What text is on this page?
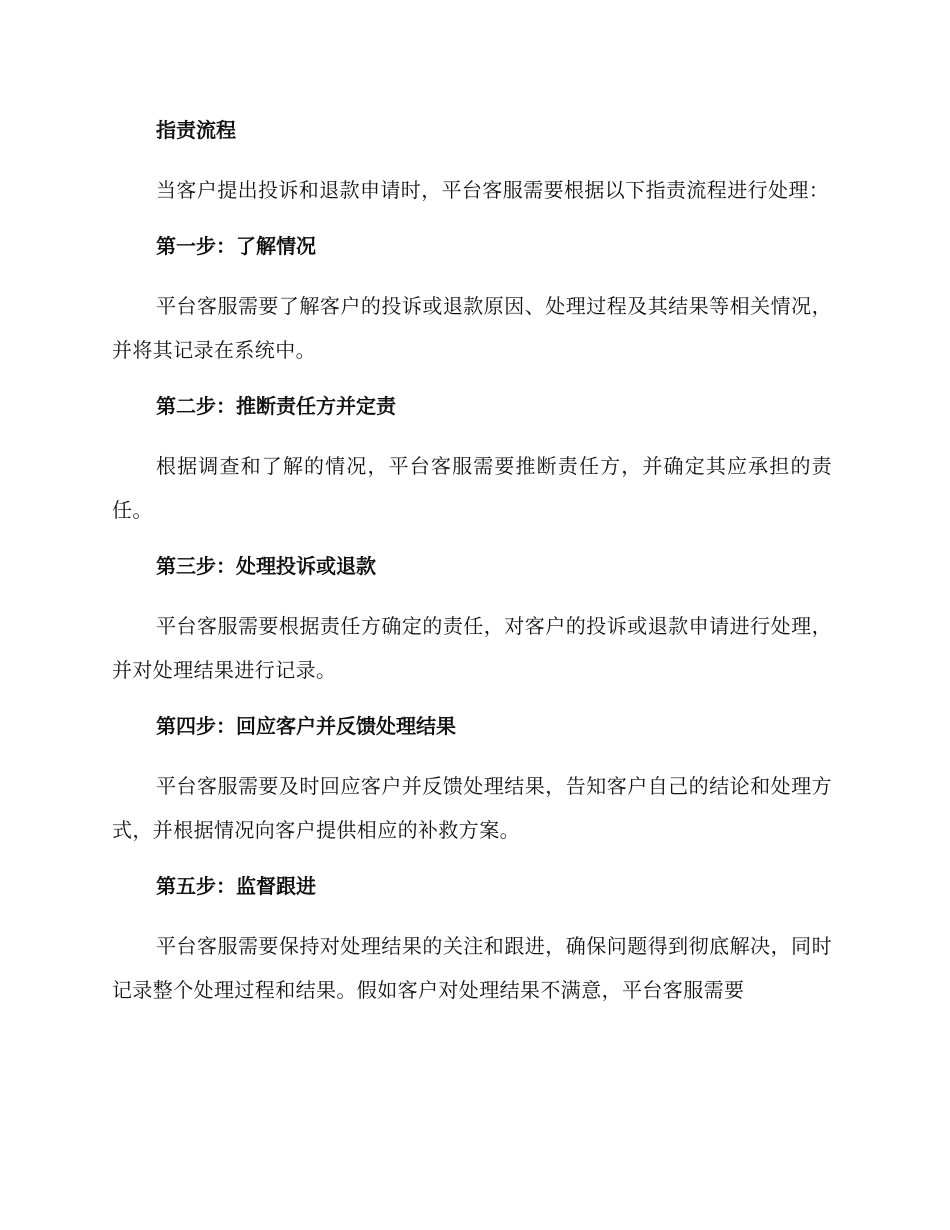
指责流程

当客户提出投诉和退款申请时，平台客服需要根据以下指责流程进行处理：

第一步：了解情况

平台客服需要了解客户的投诉或退款原因、处理过程及其结果等相关情况，并将其记录在系统中。

第二步：推断责任方并定责

根据调查和了解的情况，平台客服需要推断责任方，并确定其应承担的责任。

第三步：处理投诉或退款

平台客服需要根据责任方确定的责任，对客户的投诉或退款申请进行处理，并对处理结果进行记录。

第四步：回应客户并反馈处理结果

平台客服需要及时回应客户并反馈处理结果，告知客户自己的结论和处理方式，并根据情况向客户提供相应的补救方案。

第五步：监督跟进

平台客服需要保持对处理结果的关注和跟进，确保问题得到彻底解决，同时记录整个处理过程和结果。假如客户对处理结果不满意，平台客服需要
